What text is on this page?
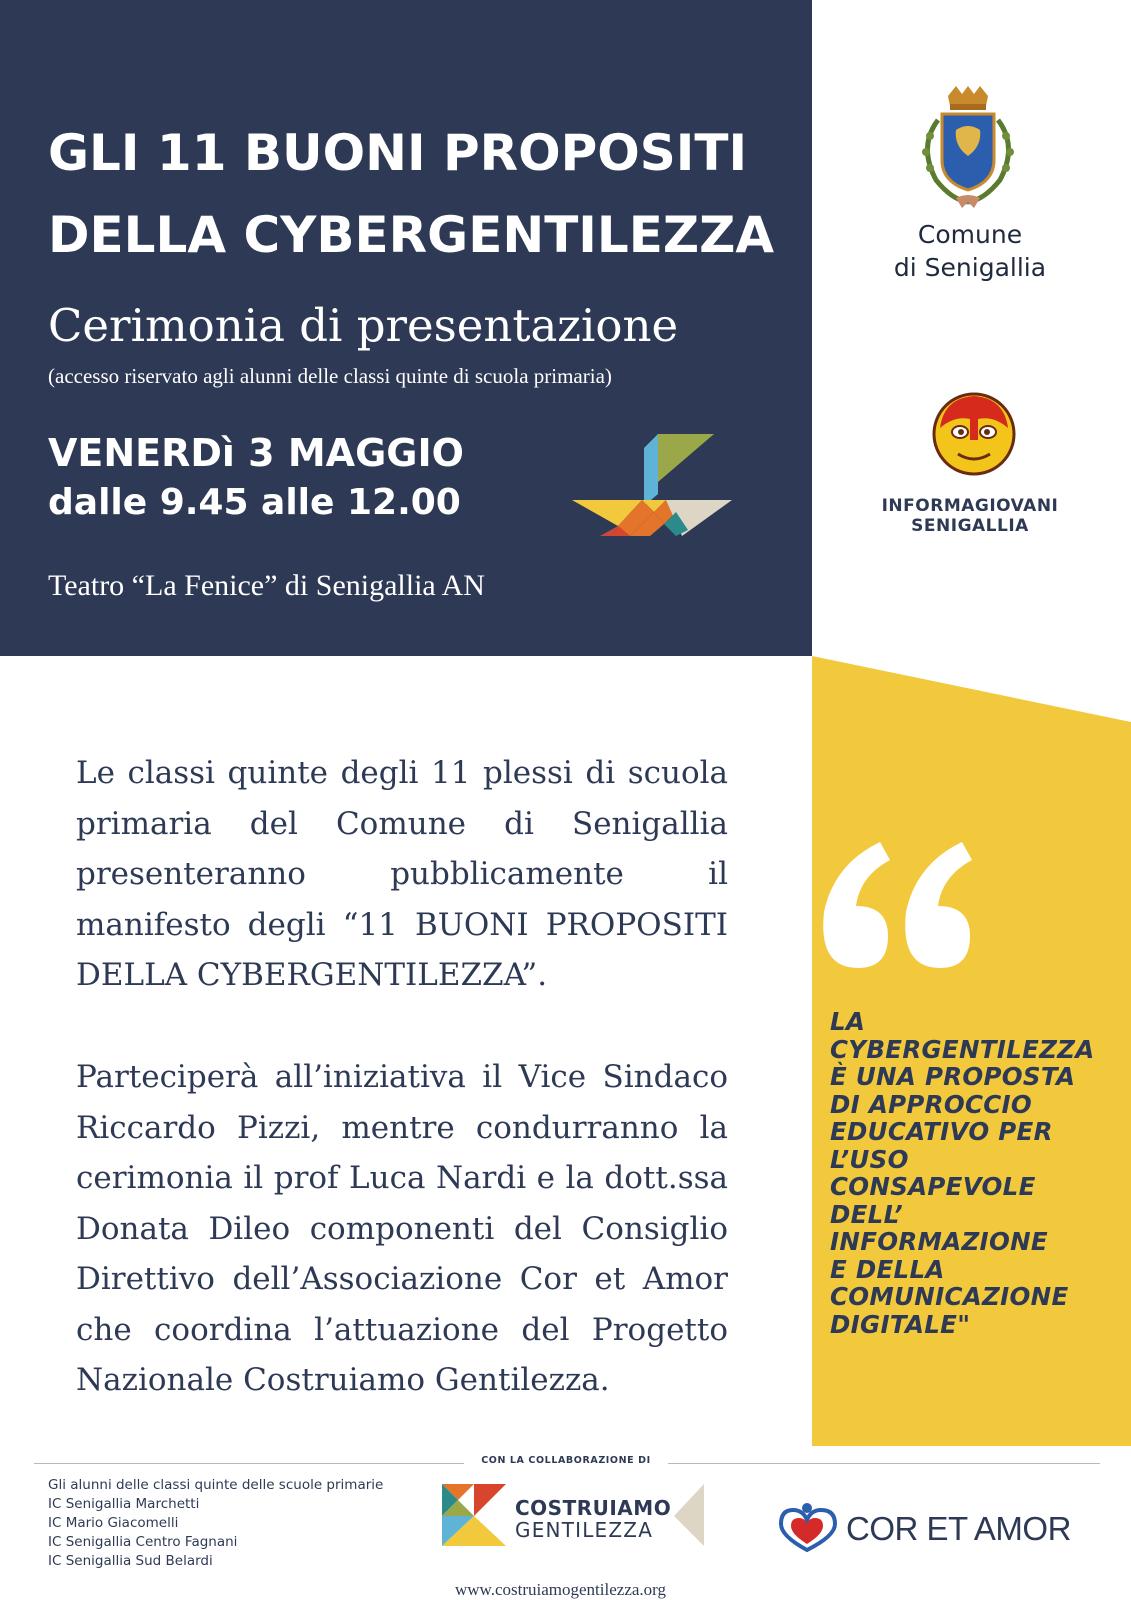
GLI 11 BUONI PROPOSITI
DELLA CYBERGENTILEZZA
Cerimonia di presentazione
(accesso riservato agli alunni delle classi quinte di scuola primaria)
VENERDì 3 MAGGIO
dalle 9.45 alle 12.00
Teatro “La Fenice” di Senigallia AN
Comune
di Senigallia
INFORMAGIOVANI
SENIGALLIA
LA
CYBERGENTILEZZA
È UNA PROPOSTA
DI APPROCCIO
EDUCATIVO PER
L’USO
CONSAPEVOLE
DELL’
INFORMAZIONE
E DELLA
COMUNICAZIONE
DIGITALE"

Le classi quinte degli 11 plessi di scuola primaria del Comune di Senigallia presenteranno pubblicamente il manifesto degli “11 BUONI PROPOSITI DELLA CYBERGENTILEZZA”.

Parteciperà all’iniziativa il Vice Sindaco Riccardo Pizzi, mentre condurranno la cerimonia il prof Luca Nardi e la dott.ssa Donata Dileo componenti del Consiglio Direttivo dell’Associazione Cor et Amor che coordina l’attuazione del Progetto Nazionale Costruiamo Gentilezza.

CON LA COLLABORAZIONE DI
Gli alunni delle classi quinte delle scuole primarie
IC Senigallia Marchetti
IC Mario Giacomelli
IC Senigallia Centro Fagnani
IC Senigallia Sud Belardi
COSTRUIAMO
GENTILEZZA
www.costruiamogentilezza.org
COR ET AMOR
